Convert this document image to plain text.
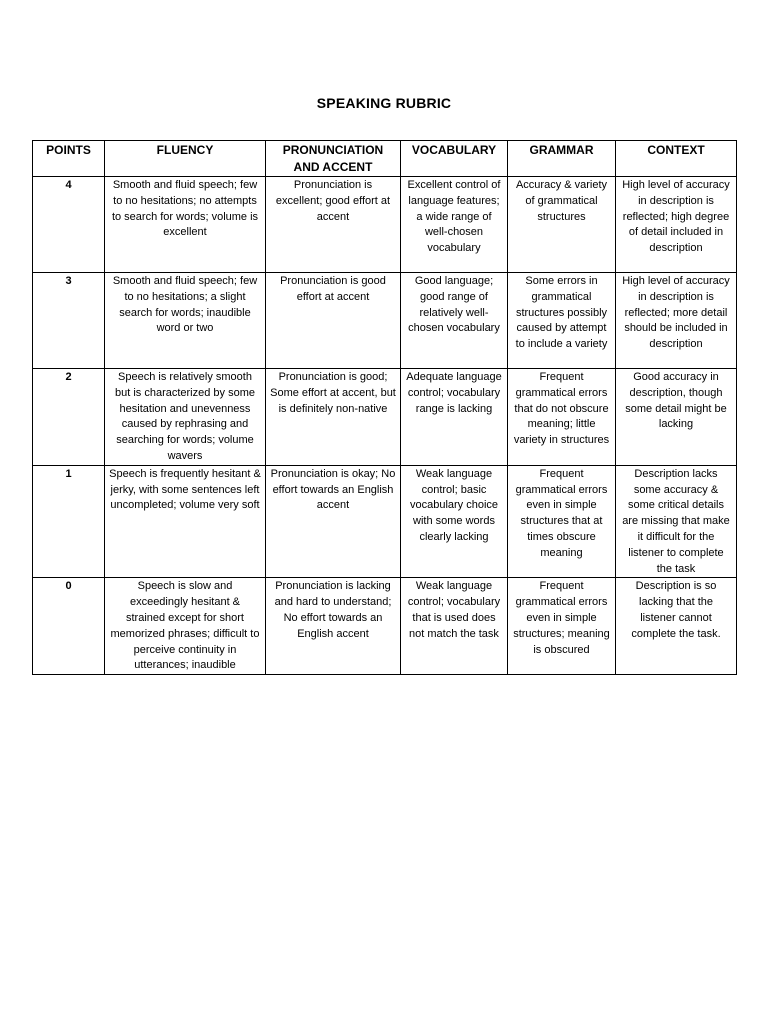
SPEAKING RUBRIC
POINTS	FLUENCY	PRONUNCIATION AND ACCENT	VOCABULARY	GRAMMAR	CONTEXT
4	Smooth and fluid speech; few to no hesitations; no attempts to search for words; volume is excellent	Pronunciation is excellent; good effort at accent	Excellent control of language features; a wide range of well-chosen vocabulary	Accuracy & variety of grammatical structures	High level of accuracy in description is reflected; high degree of detail included in description
3	Smooth and fluid speech; few to no hesitations; a slight search for words; inaudible word or two	Pronunciation is good effort at accent	Good language; good range of relatively well-chosen vocabulary	Some errors in grammatical structures possibly caused by attempt to include a variety	High level of accuracy in description is reflected; more detail should be included in description
2	Speech is relatively smooth but is characterized by some hesitation and unevenness caused by rephrasing and searching for words; volume wavers	Pronunciation is good; Some effort at accent, but is definitely non-native	Adequate language control; vocabulary range is lacking	Frequent grammatical errors that do not obscure meaning; little variety in structures	Good accuracy in description, though some detail might be lacking
1	Speech is frequently hesitant & jerky, with some sentences left uncompleted; volume very soft	Pronunciation is okay; No effort towards an English accent	Weak language control; basic vocabulary choice with some words clearly lacking	Frequent grammatical errors even in simple structures that at times obscure meaning	Description lacks some accuracy & some critical details are missing that make it difficult for the listener to complete the task
0	Speech is slow and exceedingly hesitant & strained except for short memorized phrases; difficult to perceive continuity in utterances; inaudible	Pronunciation is lacking and hard to understand; No effort towards an English accent	Weak language control; vocabulary that is used does not match the task	Frequent grammatical errors even in simple structures; meaning is obscured	Description is so lacking that the listener cannot complete the task.
